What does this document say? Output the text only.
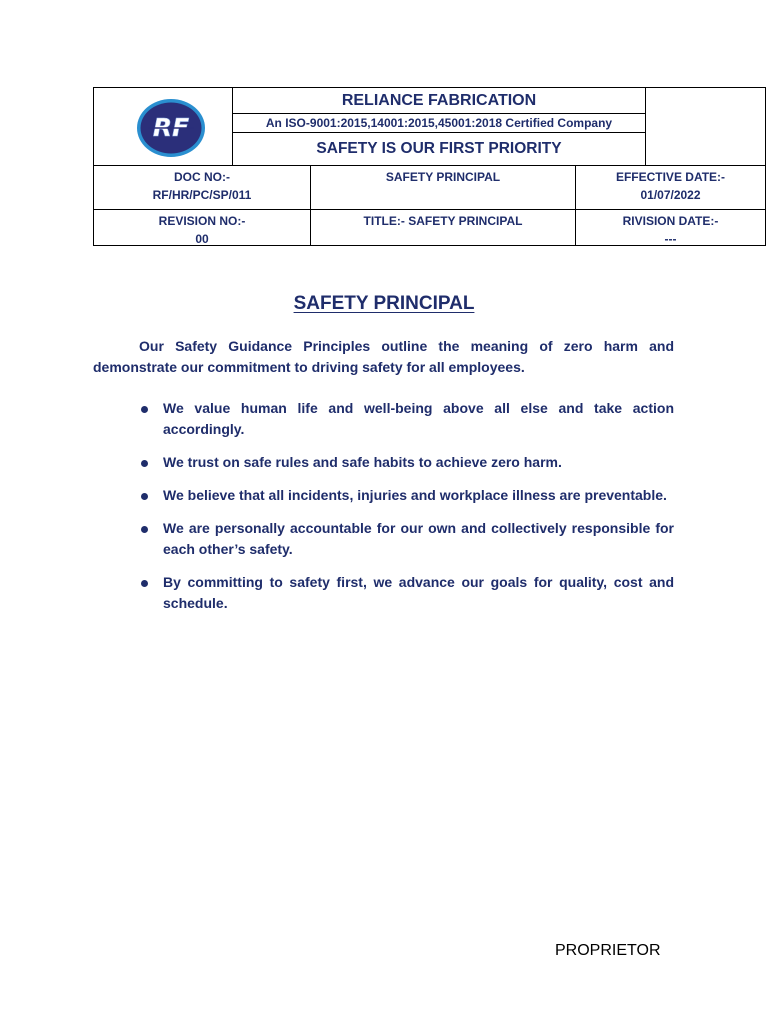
RF
RELIANCE FABRICATION
An ISO-9001:2015,14001:2015,45001:2018 Certified Company
SAFETY IS OUR FIRST PRIORITY
DOC NO:-
RF/HR/PC/SP/011
SAFETY PRINCIPAL	EFFECTIVE DATE:-
01/07/2022
REVISION NO:-
00
TITLE:- SAFETY PRINCIPAL	RIVISION DATE:-
---
SAFETY PRINCIPAL

Our Safety Guidance Principles outline the meaning of zero harm and demonstrate our commitment to driving safety for all employees.

We value human life and well-being above all else and take action accordingly.
We trust on safe rules and safe habits to achieve zero harm.
We believe that all incidents, injuries and workplace illness are preventable.
We are personally accountable for our own and collectively responsible for each other’s safety.
By committing to safety first, we advance our goals for quality, cost and schedule.
PROPRIETOR
